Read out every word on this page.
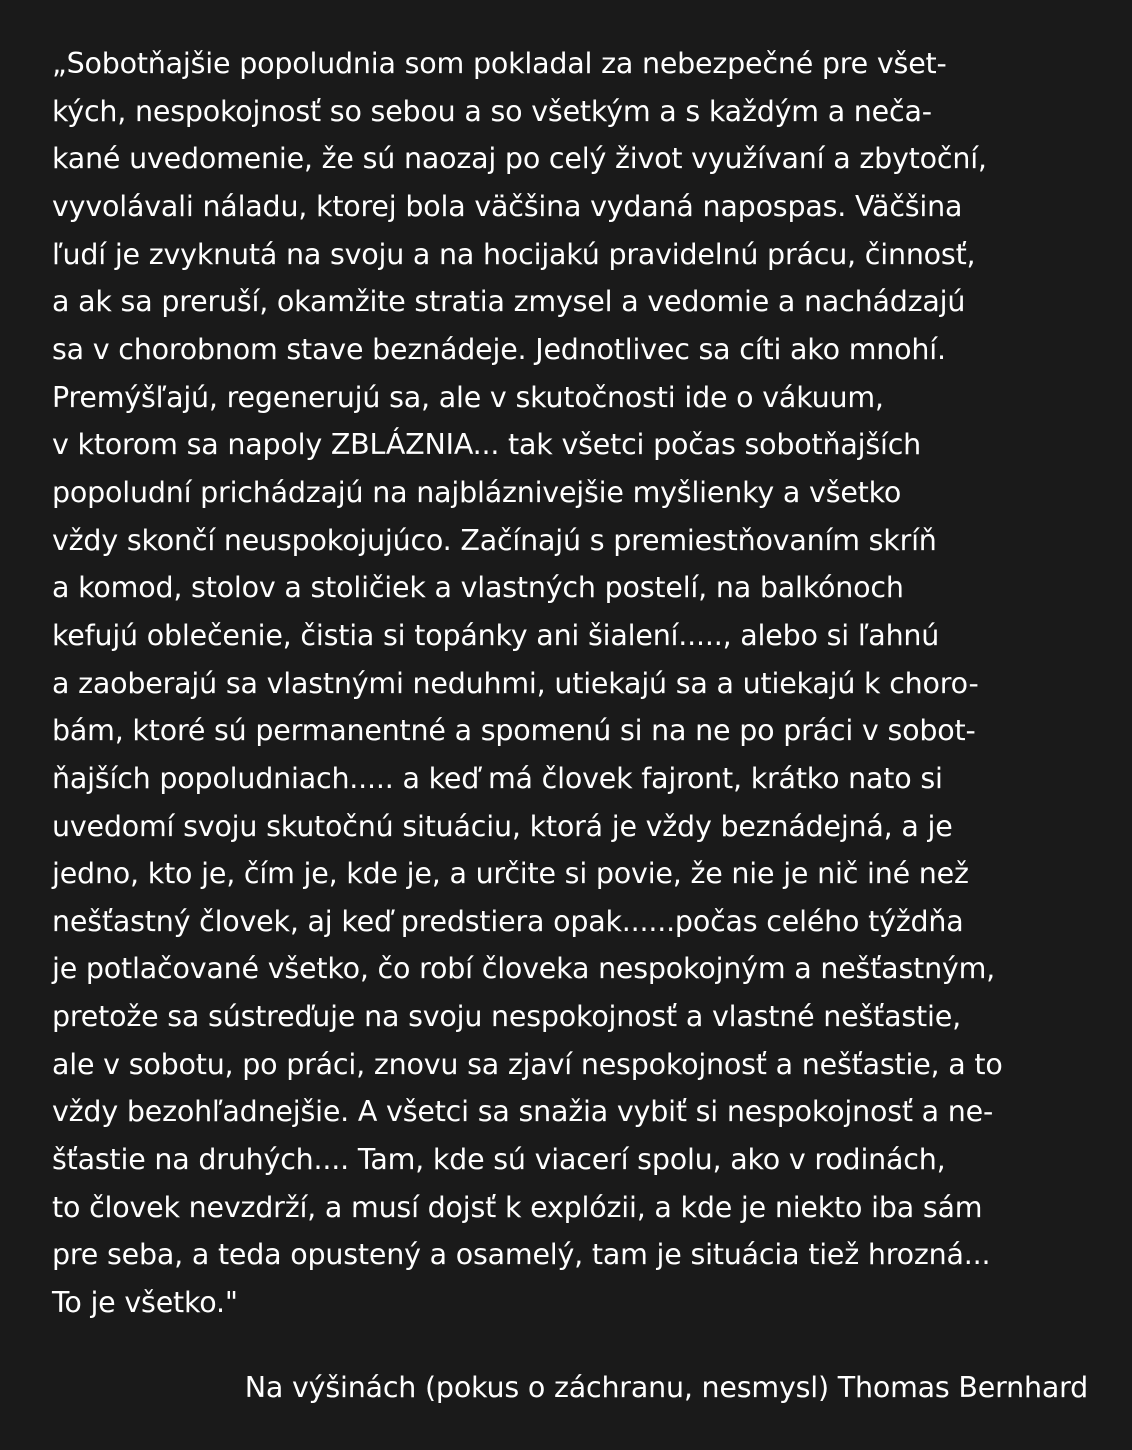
„Sobotňajšie popoludnia som pokladal za nebezpečné pre všet-
kých, nespokojnosť so sebou a so všetkým a s každým a neča-
kané uvedomenie, že sú naozaj po celý život využívaní a zbytoční,
vyvolávali náladu, ktorej bola väčšina vydaná napospas. Väčšina
ľudí je zvyknutá na svoju a na hocijakú pravidelnú prácu, činnosť,
a ak sa preruší, okamžite stratia zmysel a vedomie a nachádzajú
sa v chorobnom stave beznádeje. Jednotlivec sa cíti ako mnohí.
Premýšľajú, regenerujú sa, ale v skutočnosti ide o vákuum,
v ktorom sa napoly ZBLÁZNIA... tak všetci počas sobotňajších
popoludní prichádzajú na najbláznivejšie myšlienky a všetko
vždy skončí neuspokojujúco. Začínajú s premiestňovaním skríň
a komod, stolov a stoličiek a vlastných postelí, na balkónoch
kefujú oblečenie, čistia si topánky ani šialení....., alebo si ľahnú
a zaoberajú sa vlastnými neduhmi, utiekajú sa a utiekajú k choro-
bám, ktoré sú permanentné a spomenú si na ne po práci v sobot-
ňajších popoludniach..... a keď má človek fajront, krátko nato si
uvedomí svoju skutočnú situáciu, ktorá je vždy beznádejná, a je
jedno, kto je, čím je, kde je, a určite si povie, že nie je nič iné než
nešťastný človek, aj keď predstiera opak......počas celého týždňa
je potlačované všetko, čo robí človeka nespokojným a nešťastným,
pretože sa sústreďuje na svoju nespokojnosť a vlastné nešťastie,
ale v sobotu, po práci, znovu sa zjaví nespokojnosť a nešťastie, a to
vždy bezohľadnejšie. A všetci sa snažia vybiť si nespokojnosť a ne-
šťastie na druhých.... Tam, kde sú viacerí spolu, ako v rodinách,
to človek nevzdrží, a musí dojsť k explózii, a kde je niekto iba sám
pre seba, a teda opustený a osamelý, tam je situácia tiež hrozná...
To je všetko."
Na výšinách (pokus o záchranu, nesmysl) Thomas Bernhard
